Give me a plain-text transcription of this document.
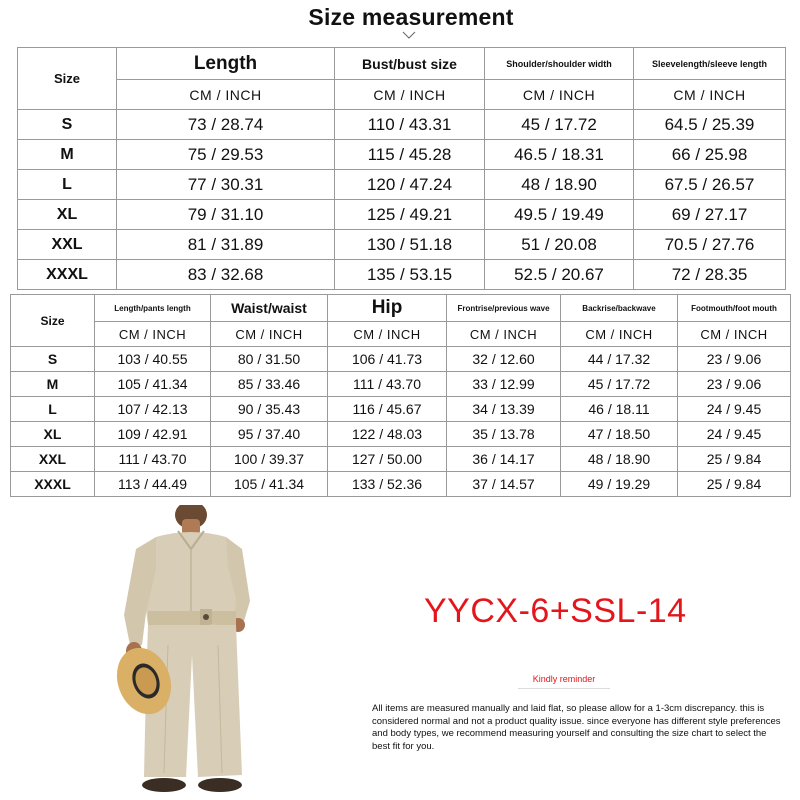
Size measurement
Size	Length	Bust/bust size	Shoulder/shoulder width	Sleevelength/sleeve length
	CM / INCH	CM / INCH	CM / INCH	CM / INCH
S	73 / 28.74	110 / 43.31	45 / 17.72	64.5 / 25.39
M	75 / 29.53	115 / 45.28	46.5 / 18.31	66 / 25.98
L	77 / 30.31	120 / 47.24	48 / 18.90	67.5 / 26.57
XL	79 / 31.10	125 / 49.21	49.5 / 19.49	69 / 27.17
XXL	81 / 31.89	130 / 51.18	51 / 20.08	70.5 / 27.76
XXXL	83 / 32.68	135 / 53.15	52.5 / 20.67	72 / 28.35
Size	Length/pants length	Waist/waist	Hip	Frontrise/previous wave	Backrise/backwave	Footmouth/foot mouth
	CM / INCH	CM / INCH	CM / INCH	CM / INCH	CM / INCH	CM / INCH
S	103 / 40.55	80 / 31.50	106 / 41.73	32 / 12.60	44 / 17.32	23 / 9.06
M	105 / 41.34	85 / 33.46	111 / 43.70	33 / 12.99	45 / 17.72	23 / 9.06
L	107 / 42.13	90 / 35.43	116 / 45.67	34 / 13.39	46 / 18.11	24 / 9.45
XL	109 / 42.91	95 / 37.40	122 / 48.03	35 / 13.78	47 / 18.50	24 / 9.45
XXL	111 / 43.70	100 / 39.37	127 / 50.00	36 / 14.17	48 / 18.90	25 / 9.84
XXXL	113 / 44.49	105 / 41.34	133 / 52.36	37 / 14.57	49 / 19.29	25 / 9.84
YYCX-6+SSL-14
Kindly reminder
All items are measured manually and laid flat, so please allow for a 1-3cm discrepancy. this is considered normal and not a product quality issue. since everyone has different style preferences and body types, we recommend measuring yourself and consulting the size chart to select the best fit for you.
